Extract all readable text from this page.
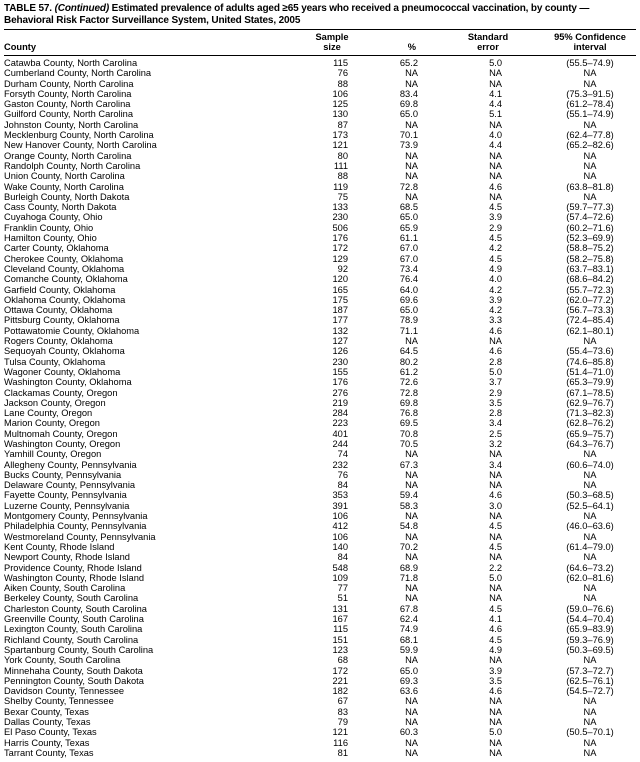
TABLE 57. (Continued) Estimated prevalence of adults aged ≥65 years who received a pneumococcal vaccination, by county —
Behavioral Risk Factor Surveillance System, United States, 2005
County	Sample
size	%	Standard
error	95% Confidence
interval

Catawba County, North Carolina	115	65.2	5.0	(55.5–74.9)
Cumberland County, North Carolina	76	NA	NA	NA
Durham County, North Carolina	88	NA	NA	NA
Forsyth County, North Carolina	106	83.4	4.1	(75.3–91.5)
Gaston County, North Carolina	125	69.8	4.4	(61.2–78.4)
Guilford County, North Carolina	130	65.0	5.1	(55.1–74.9)
Johnston County, North Carolina	87	NA	NA	NA
Mecklenburg County, North Carolina	173	70.1	4.0	(62.4–77.8)
New Hanover County, North Carolina	121	73.9	4.4	(65.2–82.6)
Orange County, North Carolina	80	NA	NA	NA
Randolph County, North Carolina	111	NA	NA	NA
Union County, North Carolina	88	NA	NA	NA
Wake County, North Carolina	119	72.8	4.6	(63.8–81.8)
Burleigh County, North Dakota	75	NA	NA	NA
Cass County, North Dakota	133	68.5	4.5	(59.7–77.3)
Cuyahoga County, Ohio	230	65.0	3.9	(57.4–72.6)
Franklin County, Ohio	506	65.9	2.9	(60.2–71.6)
Hamilton County, Ohio	176	61.1	4.5	(52.3–69.9)
Carter County, Oklahoma	172	67.0	4.2	(58.8–75.2)
Cherokee County, Oklahoma	129	67.0	4.5	(58.2–75.8)
Cleveland County, Oklahoma	92	73.4	4.9	(63.7–83.1)
Comanche County, Oklahoma	120	76.4	4.0	(68.6–84.2)
Garfield County, Oklahoma	165	64.0	4.2	(55.7–72.3)
Oklahoma County, Oklahoma	175	69.6	3.9	(62.0–77.2)
Ottawa County, Oklahoma	187	65.0	4.2	(56.7–73.3)
Pittsburg County, Oklahoma	177	78.9	3.3	(72.4–85.4)
Pottawatomie County, Oklahoma	132	71.1	4.6	(62.1–80.1)
Rogers County, Oklahoma	127	NA	NA	NA
Sequoyah County, Oklahoma	126	64.5	4.6	(55.4–73.6)
Tulsa County, Oklahoma	230	80.2	2.8	(74.6–85.8)
Wagoner County, Oklahoma	155	61.2	5.0	(51.4–71.0)
Washington County, Oklahoma	176	72.6	3.7	(65.3–79.9)
Clackamas County, Oregon	276	72.8	2.9	(67.1–78.5)
Jackson County, Oregon	219	69.8	3.5	(62.9–76.7)
Lane County, Oregon	284	76.8	2.8	(71.3–82.3)
Marion County, Oregon	223	69.5	3.4	(62.8–76.2)
Multnomah County, Oregon	401	70.8	2.5	(65.9–75.7)
Washington County, Oregon	244	70.5	3.2	(64.3–76.7)
Yamhill County, Oregon	74	NA	NA	NA
Allegheny County, Pennsylvania	232	67.3	3.4	(60.6–74.0)
Bucks County, Pennsylvania	76	NA	NA	NA
Delaware County, Pennsylvania	84	NA	NA	NA
Fayette County, Pennsylvania	353	59.4	4.6	(50.3–68.5)
Luzerne County, Pennsylvania	391	58.3	3.0	(52.5–64.1)
Montgomery County, Pennsylvania	106	NA	NA	NA
Philadelphia County, Pennsylvania	412	54.8	4.5	(46.0–63.6)
Westmoreland County, Pennsylvania	106	NA	NA	NA
Kent County, Rhode Island	140	70.2	4.5	(61.4–79.0)
Newport County, Rhode Island	84	NA	NA	NA
Providence County, Rhode Island	548	68.9	2.2	(64.6–73.2)
Washington County, Rhode Island	109	71.8	5.0	(62.0–81.6)
Aiken County, South Carolina	77	NA	NA	NA
Berkeley County, South Carolina	51	NA	NA	NA
Charleston County, South Carolina	131	67.8	4.5	(59.0–76.6)
Greenville County, South Carolina	167	62.4	4.1	(54.4–70.4)
Lexington County, South Carolina	115	74.9	4.6	(65.9–83.9)
Richland County, South Carolina	151	68.1	4.5	(59.3–76.9)
Spartanburg County, South Carolina	123	59.9	4.9	(50.3–69.5)
York County, South Carolina	68	NA	NA	NA
Minnehaha County, South Dakota	172	65.0	3.9	(57.3–72.7)
Pennington County, South Dakota	221	69.3	3.5	(62.5–76.1)
Davidson County, Tennessee	182	63.6	4.6	(54.5–72.7)
Shelby County, Tennessee	67	NA	NA	NA
Bexar County, Texas	83	NA	NA	NA
Dallas County, Texas	79	NA	NA	NA
El Paso County, Texas	121	60.3	5.0	(50.5–70.1)
Harris County, Texas	116	NA	NA	NA
Tarrant County, Texas	81	NA	NA	NA
